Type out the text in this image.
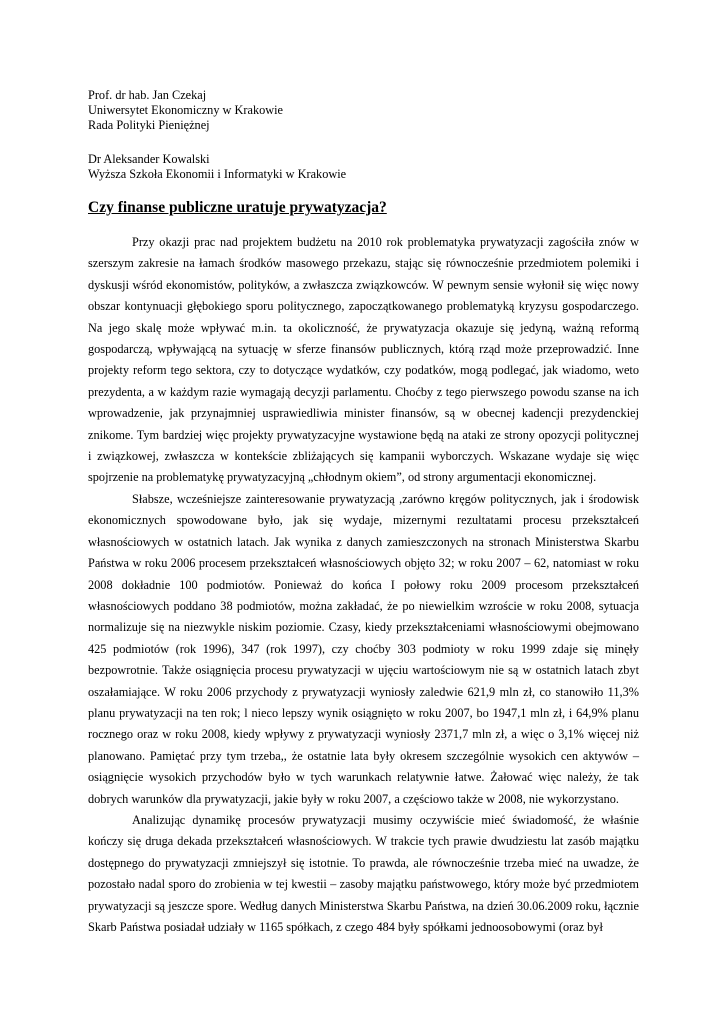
Prof. dr hab. Jan Czekaj
Uniwersytet Ekonomiczny w Krakowie
Rada Polityki Pieniężnej
Dr Aleksander Kowalski
Wyższa Szkoła Ekonomii i Informatyki w Krakowie
Czy finanse publiczne uratuje prywatyzacja?

Przy okazji prac nad projektem budżetu na 2010 rok problematyka prywatyzacji zagościła znów w szerszym zakresie na łamach środków masowego przekazu, stając się równocześnie przedmiotem polemiki i dyskusji wśród ekonomistów, polityków, a zwłaszcza związkowców. W pewnym sensie wyłonił się więc nowy obszar kontynuacji głębokiego sporu politycznego, zapoczątkowanego problematyką kryzysu gospodarczego. Na jego skalę może wpływać m.in. ta okoliczność, że prywatyzacja okazuje się jedyną, ważną reformą gospodarczą, wpływającą na sytuację w sferze finansów publicznych, którą rząd może przeprowadzić. Inne projekty reform tego sektora, czy to dotyczące wydatków, czy podatków, mogą podlegać, jak wiadomo, weto prezydenta, a w każdym razie wymagają decyzji parlamentu. Choćby z tego pierwszego powodu szanse na ich wprowadzenie, jak przynajmniej usprawiedliwia minister finansów, są w obecnej kadencji prezydenckiej znikome. Tym bardziej więc projekty prywatyzacyjne wystawione będą na ataki ze strony opozycji politycznej i związkowej, zwłaszcza w kontekście zbliżających się kampanii wyborczych. Wskazane wydaje się więc spojrzenie na problematykę prywatyzacyjną „chłodnym okiem”, od strony argumentacji ekonomicznej.

Słabsze, wcześniejsze zainteresowanie prywatyzacją ,zarówno kręgów politycznych, jak i środowisk ekonomicznych spowodowane było, jak się wydaje, mizernymi rezultatami procesu przekształceń własnościowych w ostatnich latach. Jak wynika z danych zamieszczonych na stronach Ministerstwa Skarbu Państwa w roku 2006 procesem przekształceń własnościowych objęto 32; w roku 2007 – 62, natomiast w roku 2008 dokładnie 100 podmiotów. Ponieważ do końca I połowy roku 2009 procesom przekształceń własnościowych poddano 38 podmiotów, można zakładać, że po niewielkim wzroście w roku 2008, sytuacja normalizuje się na niezwykle niskim poziomie. Czasy, kiedy przekształceniami własnościowymi obejmowano 425 podmiotów (rok 1996), 347 (rok 1997), czy choćby 303 podmioty w roku 1999 zdaje się minęły bezpowrotnie. Także osiągnięcia procesu prywatyzacji w ujęciu wartościowym nie są w ostatnich latach zbyt oszałamiające. W roku 2006 przychody z prywatyzacji wyniosły zaledwie 621,9 mln zł, co stanowiło 11,3% planu prywatyzacji na ten rok; l nieco lepszy wynik osiągnięto w roku 2007, bo 1947,1 mln zł, i 64,9% planu rocznego oraz w roku 2008, kiedy wpływy z prywatyzacji wyniosły 2371,7 mln zł, a więc o 3,1% więcej niż planowano. Pamiętać przy tym trzeba,, że ostatnie lata były okresem szczególnie wysokich cen aktywów – osiągnięcie wysokich przychodów było w tych warunkach relatywnie łatwe. Żałować więc należy, że tak dobrych warunków dla prywatyzacji, jakie były w roku 2007, a częściowo także w 2008, nie wykorzystano.

Analizując dynamikę procesów prywatyzacji musimy oczywiście mieć świadomość, że właśnie kończy się druga dekada przekształceń własnościowych. W trakcie tych prawie dwudziestu lat zasób majątku dostępnego do prywatyzacji zmniejszył się istotnie. To prawda, ale równocześnie trzeba mieć na uwadze, że pozostało nadal sporo do zrobienia w tej kwestii – zasoby majątku państwowego, który może być przedmiotem prywatyzacji są jeszcze spore. Według danych Ministerstwa Skarbu Państwa, na dzień 30.06.2009 roku, łącznie Skarb Państwa posiadał udziały w 1165 spółkach, z czego 484 były spółkami jednoosobowymi (oraz był
